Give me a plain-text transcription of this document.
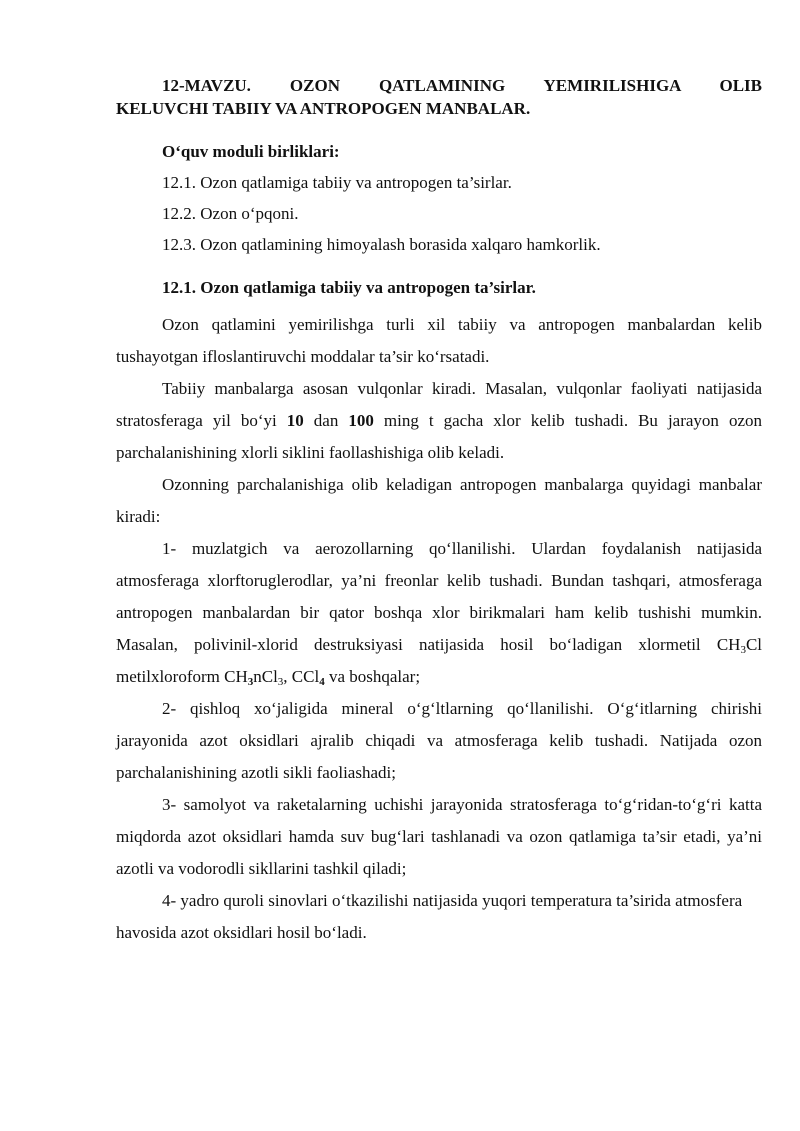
12-MAVZU. OZON QATLAMINING YEMIRILISHIGA OLIB
KELUVCHI TABIIY VA ANTROPOGEN MANBALAR.

O‘quv moduli birliklari:

12.1. Ozon qatlamiga tabiiy va antropogen ta’sirlar.

12.2. Ozon o‘pqoni.

12.3. Ozon qatlamining himoyalash borasida xalqaro hamkorlik.

12.1. Ozon qatlamiga tabiiy va antropogen ta’sirlar.

Ozon qatlamini yemirilishga turli xil tabiiy va antropogen manbalardan kelib tushayotgan ifloslantiruvchi moddalar ta’sir ko‘rsatadi.

Tabiiy manbalarga asosan vulqonlar kiradi. Masalan, vulqonlar faoliyati natijasida stratosferaga yil bo‘yi 10 dan 100 ming t gacha xlor kelib tushadi. Bu jarayon ozon parchalanishining xlorli siklini faollashishiga olib keladi.

Ozonning parchalanishiga olib keladigan antropogen manbalarga quyidagi manbalar kiradi:

1- muzlatgich va aerozollarning qo‘llanilishi. Ulardan foydalanish natijasida atmosferaga xlorftoruglerodlar, ya’ni freonlar kelib tushadi. Bundan tashqari, atmosferaga antropogen manbalardan bir qator boshqa xlor birikmalari ham kelib tushishi mumkin. Masalan, polivinil-xlorid destruksiyasi natijasida hosil bo‘ladigan xlormetil $CH_3Cl$ metilxloroform $CH_3nCl_3$, CCl$_4$ va boshqalar;

2- qishloq xo‘jaligida mineral o‘g‘ltlarning qo‘llanilishi. O‘g‘itlarning chirishi jarayonida azot oksidlari ajralib chiqadi va atmosferaga kelib tushadi. Natijada ozon parchalanishining azotli sikli faoliashadi;

3- samolyot va raketalarning uchishi jarayonida stratosferaga to‘g‘ridan-to‘g‘ri katta miqdorda azot oksidlari hamda suv bug‘lari tashlanadi va ozon qatlamiga ta’sir etadi, ya’ni azotli va vodorodli sikllarini tashkil qiladi;

4- yadro quroli sinovlari o‘tkazilishi natijasida yuqori temperatura ta’sirida atmosfera havosida azot oksidlari hosil bo‘ladi.
